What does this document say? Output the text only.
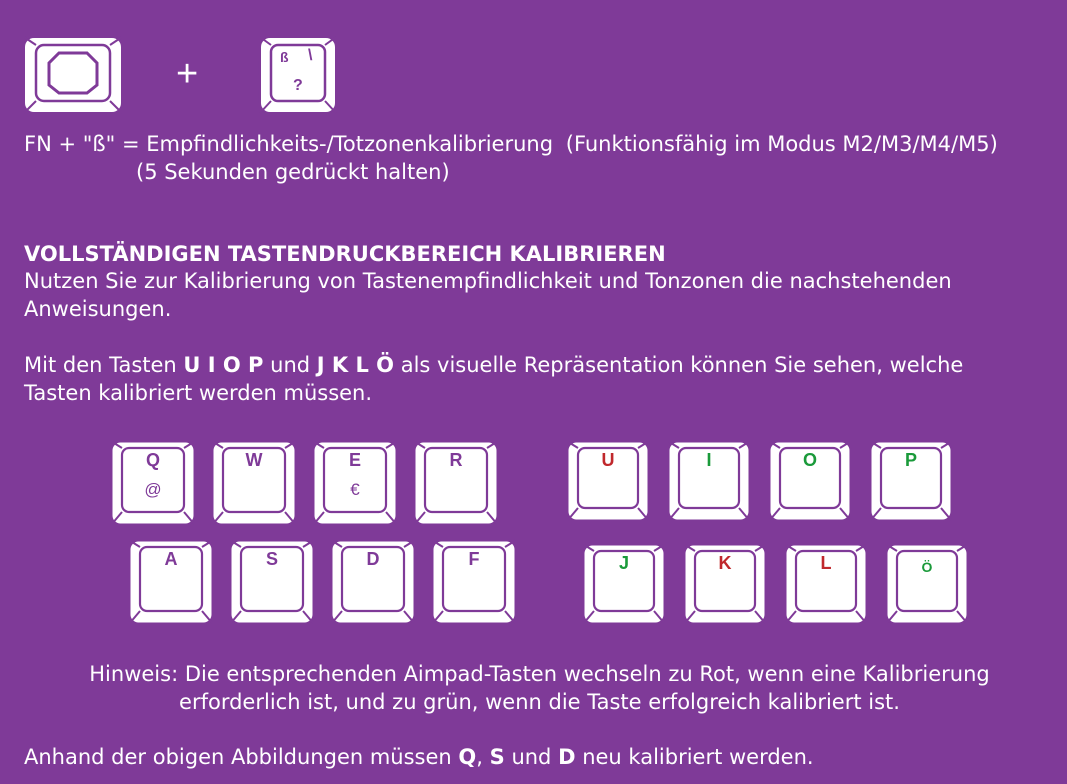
+	ß \
?
FN + "ß" = Empfindlichkeits-/Totzonenkalibrierung (Funktionsfähig im Modus M2/M3/M4/M5)
(5 Sekunden gedrückt halten)
VOLLSTÄNDIGEN TASTENDRUCKBEREICH KALIBRIEREN
Nutzen Sie zur Kalibrierung von Tastenempfindlichkeit und Tonzonen die nachstehenden
Anweisungen.
Mit den Tasten U I O P und J K L Ö als visuelle Repräsentation können Sie sehen, welche
Tasten kalibriert werden müssen.
Q
@
W	E
€
R
A	S	D	F
U	I	O	P
J	K	L	Ö
Hinweis: Die entsprechenden Aimpad-Tasten wechseln zu Rot, wenn eine Kalibrierung
erforderlich ist, und zu grün, wenn die Taste erfolgreich kalibriert ist.
Anhand der obigen Abbildungen müssen Q, S und D neu kalibriert werden.
